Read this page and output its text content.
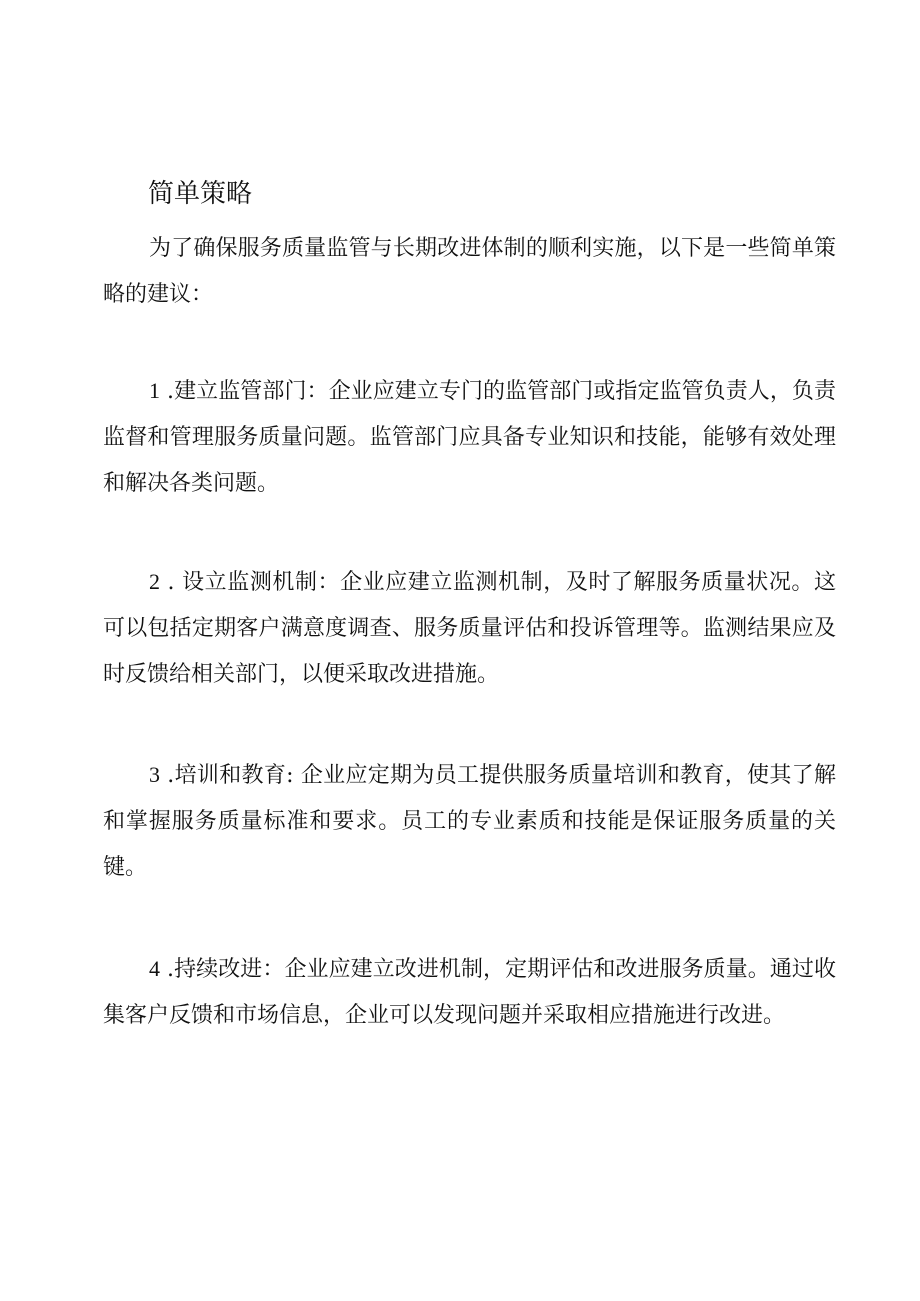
简单策略

为了确保服务质量监管与长期改进体制的顺利实施，以下是一些简单策略的建议：

1 .建立监管部门：企业应建立专门的监管部门或指定监管负责人，负责监督和管理服务质量问题。监管部门应具备专业知识和技能，能够有效处理和解决各类问题。

2 . 设立监测机制：企业应建立监测机制，及时了解服务质量状况。这可以包括定期客户满意度调查、服务质量评估和投诉管理等。监测结果应及时反馈给相关部门，以便采取改进措施。

3 .培训和教育: 企业应定期为员工提供服务质量培训和教育，使其了解和掌握服务质量标准和要求。员工的专业素质和技能是保证服务质量的关键。

4 .持续改进：企业应建立改进机制，定期评估和改进服务质量。通过收集客户反馈和市场信息，企业可以发现问题并采取相应措施进行改进。
